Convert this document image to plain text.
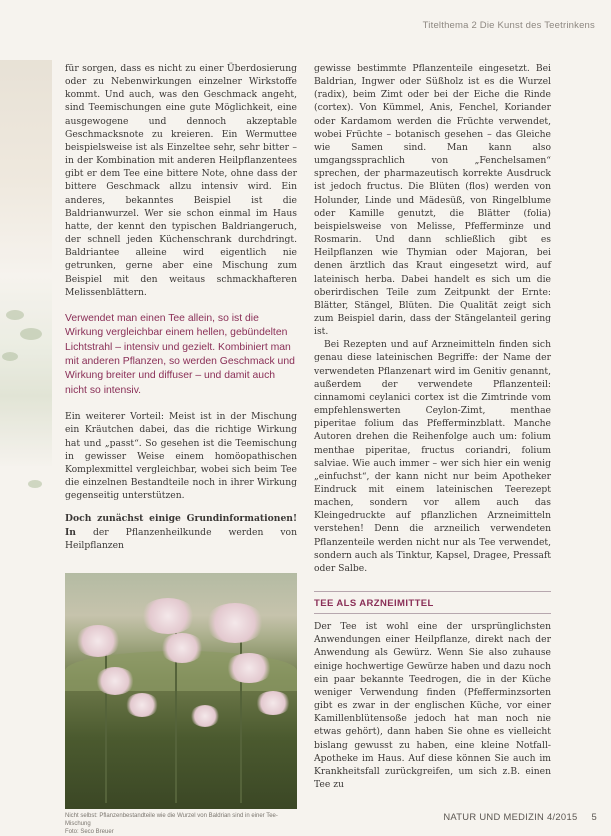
Titelthema 2 Die Kunst des Teetrinkens

für sorgen, dass es nicht zu einer Überdosierung oder zu Nebenwirkungen einzelner Wirkstoffe kommt. Und auch, was den Geschmack angeht, sind Teemischungen eine gute Möglichkeit, eine ausgewogene und dennoch akzeptable Geschmacksnote zu kreieren. Ein Wermuttee beispielsweise ist als Einzeltee sehr, sehr bitter – in der Kombination mit anderen Heilpflanzentees gibt er dem Tee eine bittere Note, ohne dass der bittere Geschmack allzu intensiv wird. Ein anderes, bekanntes Beispiel ist die Baldrianwurzel. Wer sie schon einmal im Haus hatte, der kennt den typischen Baldriangeruch, der schnell jeden Küchenschrank durchdringt. Baldriantee alleine wird eigentlich nie getrunken, gerne aber eine Mischung zum Beispiel mit den weitaus schmackhafteren Melissenblättern.

Verwendet man einen Tee allein, so ist die Wirkung vergleichbar einem hellen, gebündelten Lichtstrahl – intensiv und gezielt. Kombiniert man mit anderen Pflanzen, so werden Geschmack und Wirkung breiter und diffuser – und damit auch nicht so intensiv.

Ein weiterer Vorteil: Meist ist in der Mischung ein Kräutchen dabei, das die richtige Wirkung hat und „passt“. So gesehen ist die Teemischung in gewisser Weise einem homöopathischen Komplexmittel vergleichbar, wobei sich beim Tee die einzelnen Bestandteile noch in ihrer Wirkung gegenseitig unterstützen.

Doch zunächst einige Grundinformationen! In der Pflanzenheilkunde werden von Heilpflanzen

Nicht selbst: Pflanzenbestandteile wie die Wurzel von Baldrian sind in einer Tee-Mischung
Foto: Seco Breuer

gewisse bestimmte Pflanzenteile eingesetzt. Bei Baldrian, Ingwer oder Süßholz ist es die Wurzel (radix), beim Zimt oder bei der Eiche die Rinde (cortex). Von Kümmel, Anis, Fenchel, Koriander oder Kardamom werden die Früchte verwendet, wobei Früchte – botanisch gesehen – das Gleiche wie Samen sind. Man kann also umgangssprachlich von „Fenchelsamen“ sprechen, der pharmazeutisch korrekte Ausdruck ist jedoch fructus. Die Blüten (flos) werden von Holunder, Linde und Mädesüß, von Ringelblume oder Kamille genutzt, die Blätter (folia) beispielsweise von Melisse, Pfefferminze und Rosmarin. Und dann schließlich gibt es Heilpflanzen wie Thymian oder Majoran, bei denen ärztlich das Kraut eingesetzt wird, auf lateinisch herba. Dabei handelt es sich um die oberirdischen Teile zum Zeitpunkt der Ernte: Blätter, Stängel, Blüten. Die Qualität zeigt sich zum Beispiel darin, dass der Stängelanteil gering ist.

Bei Rezepten und auf Arzneimitteln finden sich genau diese lateinischen Begriffe: der Name der verwendeten Pflanzenart wird im Genitiv genannt, außerdem der verwendete Pflanzenteil: cinnamomi ceylanici cortex ist die Zimtrinde vom empfehlenswerten Ceylon-Zimt, menthae piperitae folium das Pfefferminzblatt. Manche Autoren drehen die Reihenfolge auch um: folium menthae piperitae, fructus coriandri, folium salviae. Wie auch immer – wer sich hier ein wenig „einfuchst“, der kann nicht nur beim Apotheker Eindruck mit einem lateinischen Teerezept machen, sondern vor allem auch das Kleingedruckte auf pflanzlichen Arzneimitteln verstehen! Denn die arzneilich verwendeten Pflanzenteile werden nicht nur als Tee verwendet, sondern auch als Tinktur, Kapsel, Dragee, Pressaft oder Salbe.

TEE ALS ARZNEIMITTEL

Der Tee ist wohl eine der ursprünglichsten Anwendungen einer Heilpflanze, direkt nach der Anwendung als Gewürz. Wenn Sie also zuhause einige hochwertige Gewürze haben und dazu noch ein paar bekannte Teedrogen, die in der Küche weniger Verwendung finden (Pfefferminzsorten gibt es zwar in der englischen Küche, vor einer Kamillenblütensoße jedoch hat man noch nie etwas gehört), dann haben Sie ohne es vielleicht bislang gewusst zu haben, eine kleine Notfall-Apotheke im Haus. Auf diese können Sie auch im Krankheitsfall zurückgreifen, um sich z.B. einen Tee zu

NATUR UND MEDIZIN 4/2015 5
